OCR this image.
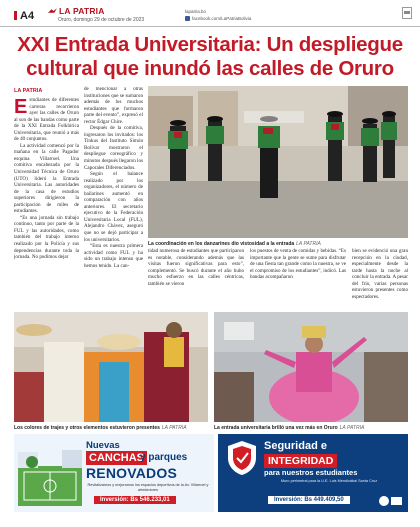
A4	LA PATRIA
Oruro, domingo 29 de octubre de 2023
lapatria.bo
facebook.com/LaPatriaBolivia
XXI Entrada Universitaria: Un despliegue cultural que inundó las calles de Oruro
LA PATRIA

Estudiantes de diferentes carreras recorrieron ayer las calles de Oruro al son de las bandas como parte de la XXI Entrada Folklórica Universitaria, que reunió a más de 40 conjuntos.

La actividad comenzó por la mañana en la calle Pagador esquina Villarroel. Una comitiva encabezada por la Universidad Técnica de Oruro (UTO) lideró la Entrada Universitaria. Las autoridades de la casa de estudios superiores dirigieron la participación de miles de estudiantes.

“Es una jornada sin trabajo continuo, tanto por parte de la FUL y las autoridades, como también del trabajo interno realizado por la Policía y sus dependencias durante toda la jornada. No pudimos dejar

de mencionar a otras instituciones que se sumaron además de los muchos estudiantes que formaron parte del evento”, expresó el rector Édgar Chire.

Después de la comitiva, ingresaron los invitados: los Tinkus del Instituto Simón Bolívar mostraron el despliegue coreográfico y minutos después llegaron los Caporales Diferenciados.

Según el balance realizado por los organizadores, el número de bailarines aumentó en comparación con años anteriores. El secretario ejecutivo de la Federación Universitaria Local (FUL), Alejandro Chávez, aseguró que no se dejó participar a los universitarios.

“Esta es nuestra primera actividad como FUL y ha sido un trabajo intenso que hemos tenido. La can-

tidad numerosa de estudiantes que participaron es notable, considerando además que las visitas fueron significativas para esto”, complementó. Se buscó durante el año hubo mucho esfuerzo en las calles céntricas, también se vieron

los puestos de venta de comidas y bebidas. “Es importante que la gente se sume para disfrutar de una fiesta tan grande como la nuestra, se ve el compromiso de los estudiantes”, indicó. Las bandas acompañaron

bien se evidenció una gran recepción en la ciudad, especialmente desde la tarde hasta la noche al concluir la entrada. A pesar del frío, varias personas estuvieron presentes como espectadores.

La coordinación en los danzarines dio vistosidad a la entrada LA PATRIA
Los colores de trajes y otros elementos estuvieron presentes LA PATRIA	La entrada universitaria brilló una vez más en Oruro LA PATRIA
Nuevas
CANCHAS
y parques
RENOVADOS
Revitalizamos y mejoramos los espacios deportivos de la Av. Villarroel y alrededores
Inversión: Bs 546.233,01
Seguridad e
INTEGRIDAD
para nuestros estudiantes
Muro perimetral para la U.E. Luis Mendizábal Santa Cruz
Inversión: Bs 449.409,50
